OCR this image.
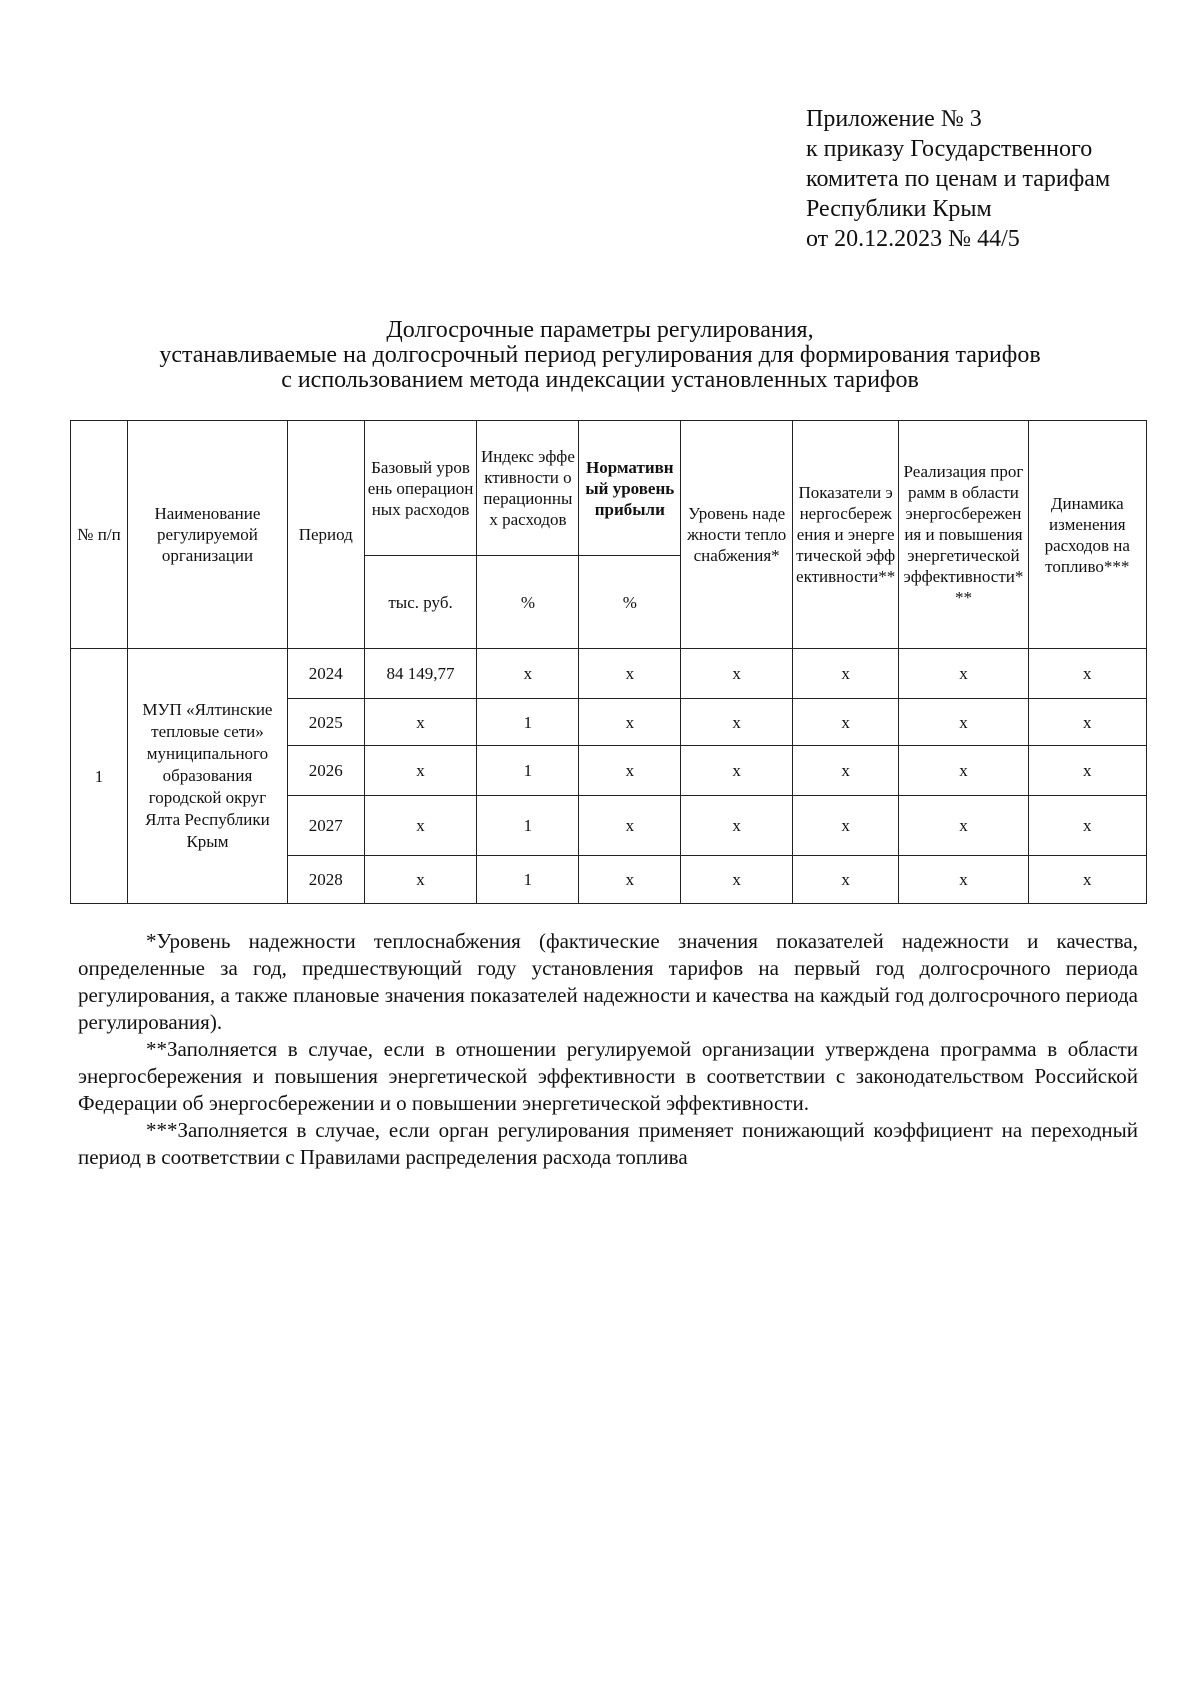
Приложение № 3
к приказу Государственного
комитета по ценам и тарифам
Республики Крым
от 20.12.2023 № 44/5
Долгосрочные параметры регулирования,
устанавливаемые на долгосрочный период регулирования для формирования тарифов
с использованием метода индексации установленных тарифов
№ п/п	Наименование регулируемой организации	Период	Базовый уровень операционных расходов	Индекс эффективности операционных расходов	Нормативный уровень прибыли	Уровень надежности теплоснабжения*	Показатели энергосбережения и энергетической эффективности**	Реализация программ в области энергосбережения и повышения энергетической эффективности***	Динамика изменения расходов на топливо***
			тыс. руб.	%	%				
1	МУП «Ялтинские тепловые сети» муниципального образования городской округ Ялта Республики Крым	2024	84 149,77	х	х	х	х	х	х
		2025	х	1	х	х	х	х	х
		2026	х	1	х	х	х	х	х
		2027	х	1	х	х	х	х	х
		2028	х	1	х	х	х	х	х

*Уровень надежности теплоснабжения (фактические значения показателей надежности и качества, определенные за год, предшествующий году установления тарифов на первый год долгосрочного периода регулирования, а также плановые значения показателей надежности и качества на каждый год долгосрочного периода регулирования).

**Заполняется в случае, если в отношении регулируемой организации утверждена программа в области энергосбережения и повышения энергетической эффективности в соответствии с законодательством Российской Федерации об энергосбережении и о повышении энергетической эффективности.

***Заполняется в случае, если орган регулирования применяет понижающий коэффициент на переходный период в соответствии с Правилами распределения расхода топлива
